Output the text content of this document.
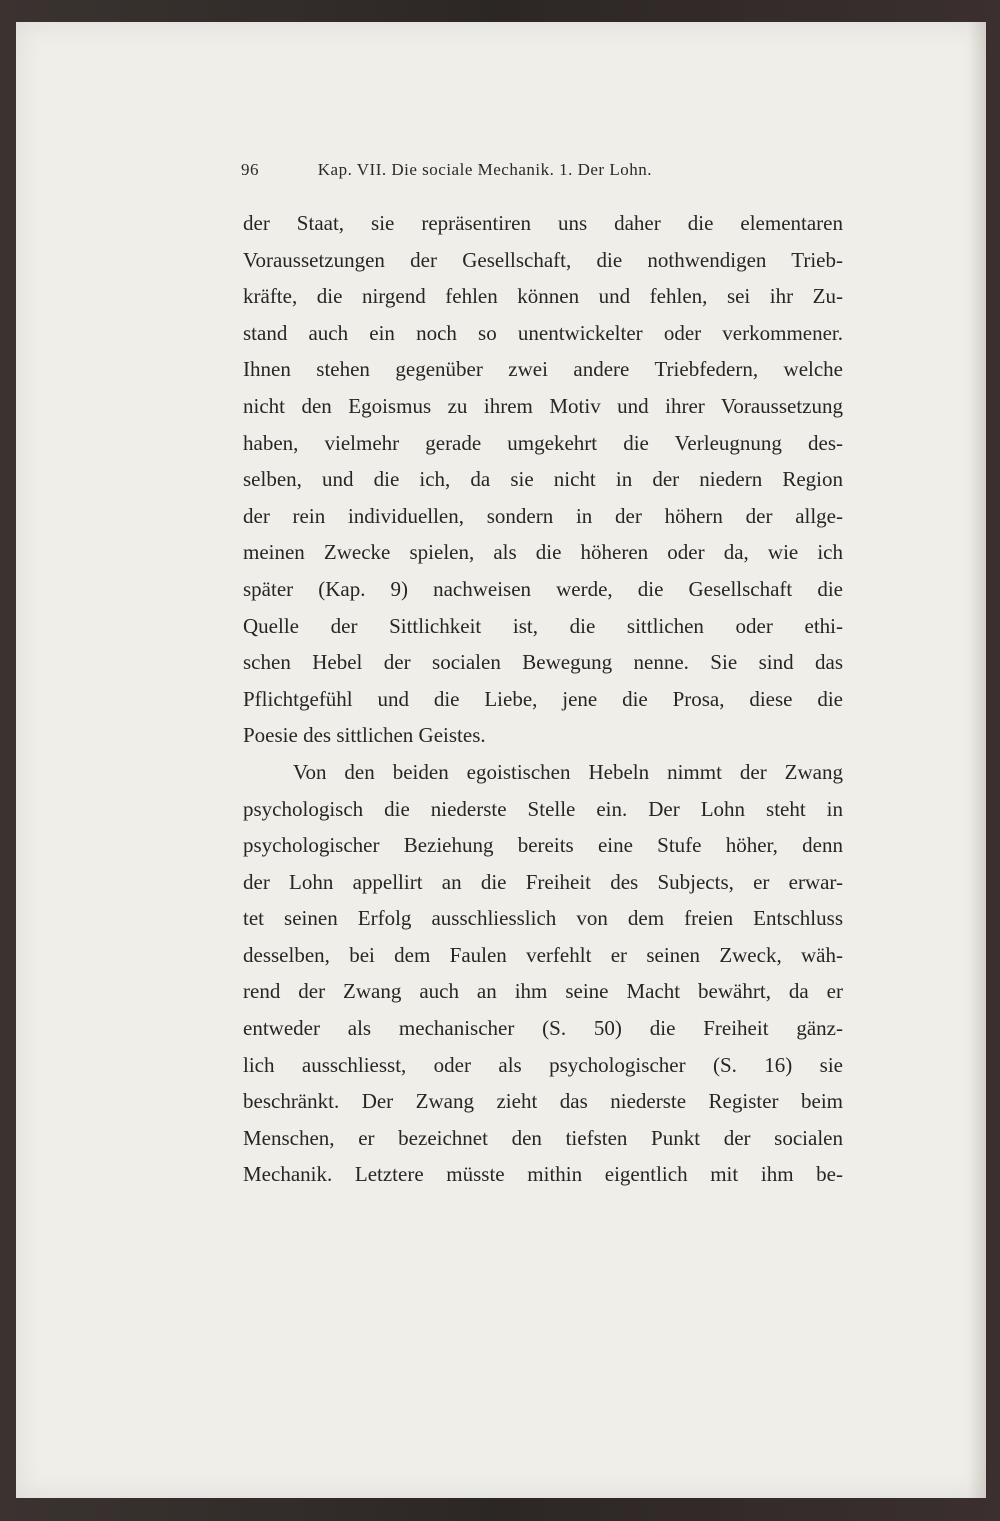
96	Kap. VII. Die sociale Mechanik. 1. Der Lohn.
der Staat, sie repräsentiren uns daher die elementaren
Voraussetzungen der Gesellschaft, die nothwendigen Trieb-
kräfte, die nirgend fehlen können und fehlen, sei ihr Zu-
stand auch ein noch so unentwickelter oder verkommener.
Ihnen stehen gegenüber zwei andere Triebfedern, welche
nicht den Egoismus zu ihrem Motiv und ihrer Voraussetzung
haben, vielmehr gerade umgekehrt die Verleugnung des-
selben, und die ich, da sie nicht in der niedern Region
der rein individuellen, sondern in der höhern der allge-
meinen Zwecke spielen, als die höheren oder da, wie ich
später (Kap. 9) nachweisen werde, die Gesellschaft die
Quelle der Sittlichkeit ist, die sittlichen oder ethi-
schen Hebel der socialen Bewegung nenne. Sie sind das
Pflichtgefühl und die Liebe, jene die Prosa, diese die
Poesie des sittlichen Geistes.
Von den beiden egoistischen Hebeln nimmt der Zwang
psychologisch die niederste Stelle ein. Der Lohn steht in
psychologischer Beziehung bereits eine Stufe höher, denn
der Lohn appellirt an die Freiheit des Subjects, er erwar-
tet seinen Erfolg ausschliesslich von dem freien Entschluss
desselben, bei dem Faulen verfehlt er seinen Zweck, wäh-
rend der Zwang auch an ihm seine Macht bewährt, da er
entweder als mechanischer (S. 50) die Freiheit gänz-
lich ausschliesst, oder als psychologischer (S. 16) sie
beschränkt. Der Zwang zieht das niederste Register beim
Menschen, er bezeichnet den tiefsten Punkt der socialen
Mechanik. Letztere müsste mithin eigentlich mit ihm be-
